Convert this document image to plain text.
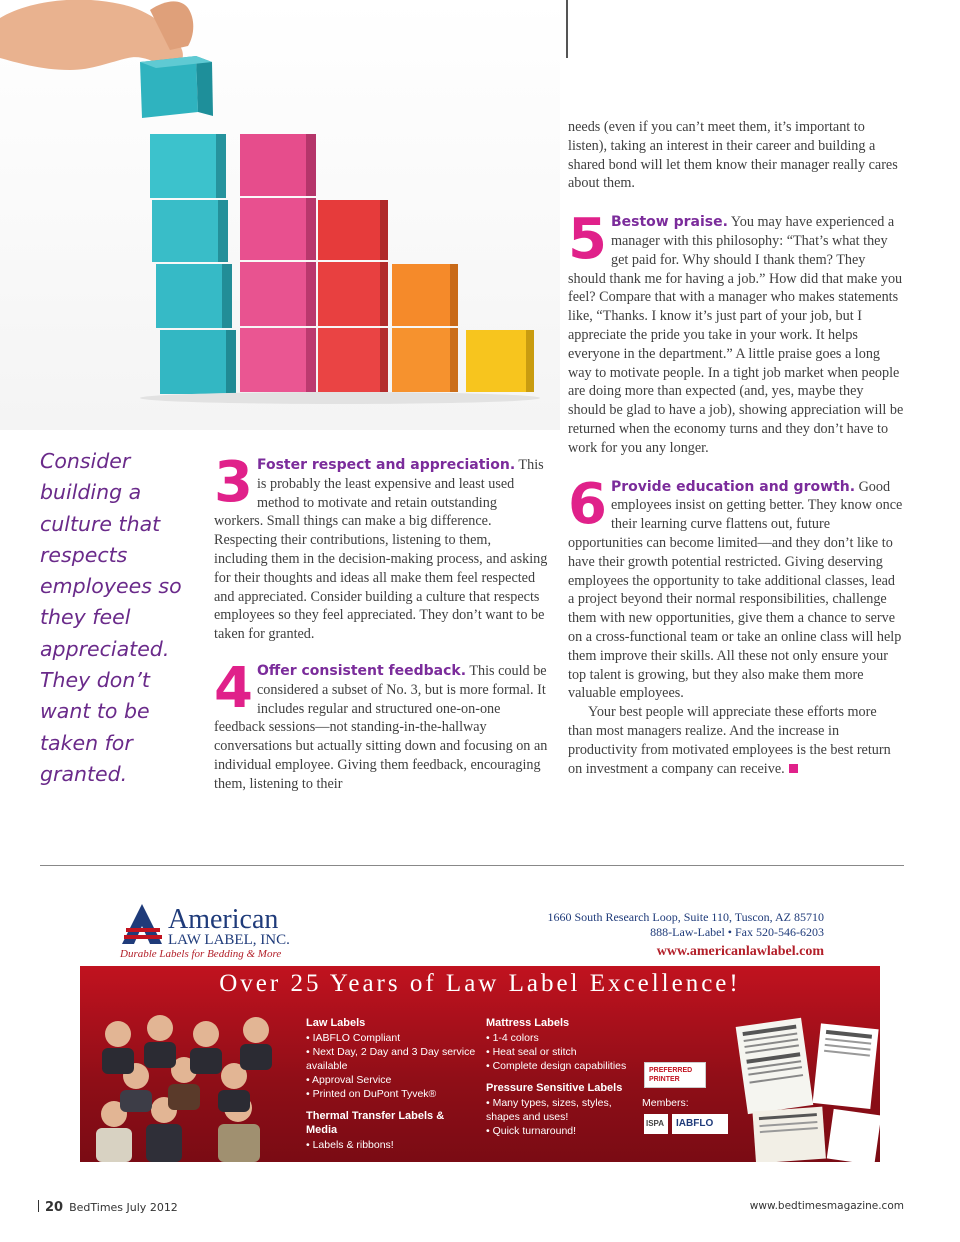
Consider building a culture that respects employees so they feel appreciated. They don’t want to be taken for granted.
3 Foster respect and appreciation. This is probably the least expensive and least used method to motivate and retain outstanding workers. Small things can make a big difference. Respecting their contributions, listening to them, including them in the decision-making process, and asking for their thoughts and ideas all make them feel respected and appreciated. Consider building a culture that respects employees so they feel appreciated. They don’t want to be taken for granted.

4 Offer consistent feedback. This could be considered a subset of No. 3, but is more formal. It includes regular and structured one-on-one feedback sessions—not standing-in-the-hallway conversations but actually sitting down and focusing on an individual employee. Giving them feedback, encouraging them, listening to their

needs (even if you can’t meet them, it’s important to listen), taking an interest in their career and building a shared bond will let them know their manager really cares about them.

5 Bestow praise. You may have experienced a manager with this philosophy: “That’s what they get paid for. Why should I thank them? They should thank me for having a job.” How did that make you feel? Compare that with a manager who makes statements like, “Thanks. I know it’s just part of your job, but I appreciate the pride you take in your work. It helps everyone in the department.” A little praise goes a long way to motivate people. In a tight job market when people are doing more than expected (and, yes, maybe they should be glad to have a job), showing appreciation will be returned when the economy turns and they don’t have to work for you any longer.

6 Provide education and growth. Good employees insist on getting better. They know once their learning curve flattens out, future opportunities can become limited—and they don’t like to have their growth potential restricted. Giving deserving employees the opportunity to take additional classes, lead a project beyond their normal responsibilities, challenge them with new opportunities, give them a chance to serve on a cross-functional team or take an online class will help them improve their skills. All these not only ensure your top talent is growing, but they also make them more valuable employees.

Your best people will appreciate these efforts more than most managers realize. And the increase in productivity from motivated employees is the best return on investment a company can receive.

American
LAW LABEL, INC.
Durable Labels for Bedding & More
1660 South Research Loop, Suite 110, Tuscon, AZ 85710
888-Law-Label • Fax 520-546-6203
www.americanlawlabel.com
Over 25 Years of Law Label Excellence!
Law Labels
• IABFLO Compliant
• Next Day, 2 Day and 3 Day service available
• Approval Service
• Printed on DuPont Tyvek®
Thermal Transfer Labels & Media
• Labels & ribbons!
Mattress Labels
• 1-4 colors
• Heat seal or stitch
• Complete design capabilities
Pressure Sensitive Labels
• Many types, sizes, styles, shapes and uses!
• Quick turnaround!
PREFERRED PRINTER
Members:
ISPA	IABFLO
20 BedTimes July 2012	www.bedtimesmagazine.com
